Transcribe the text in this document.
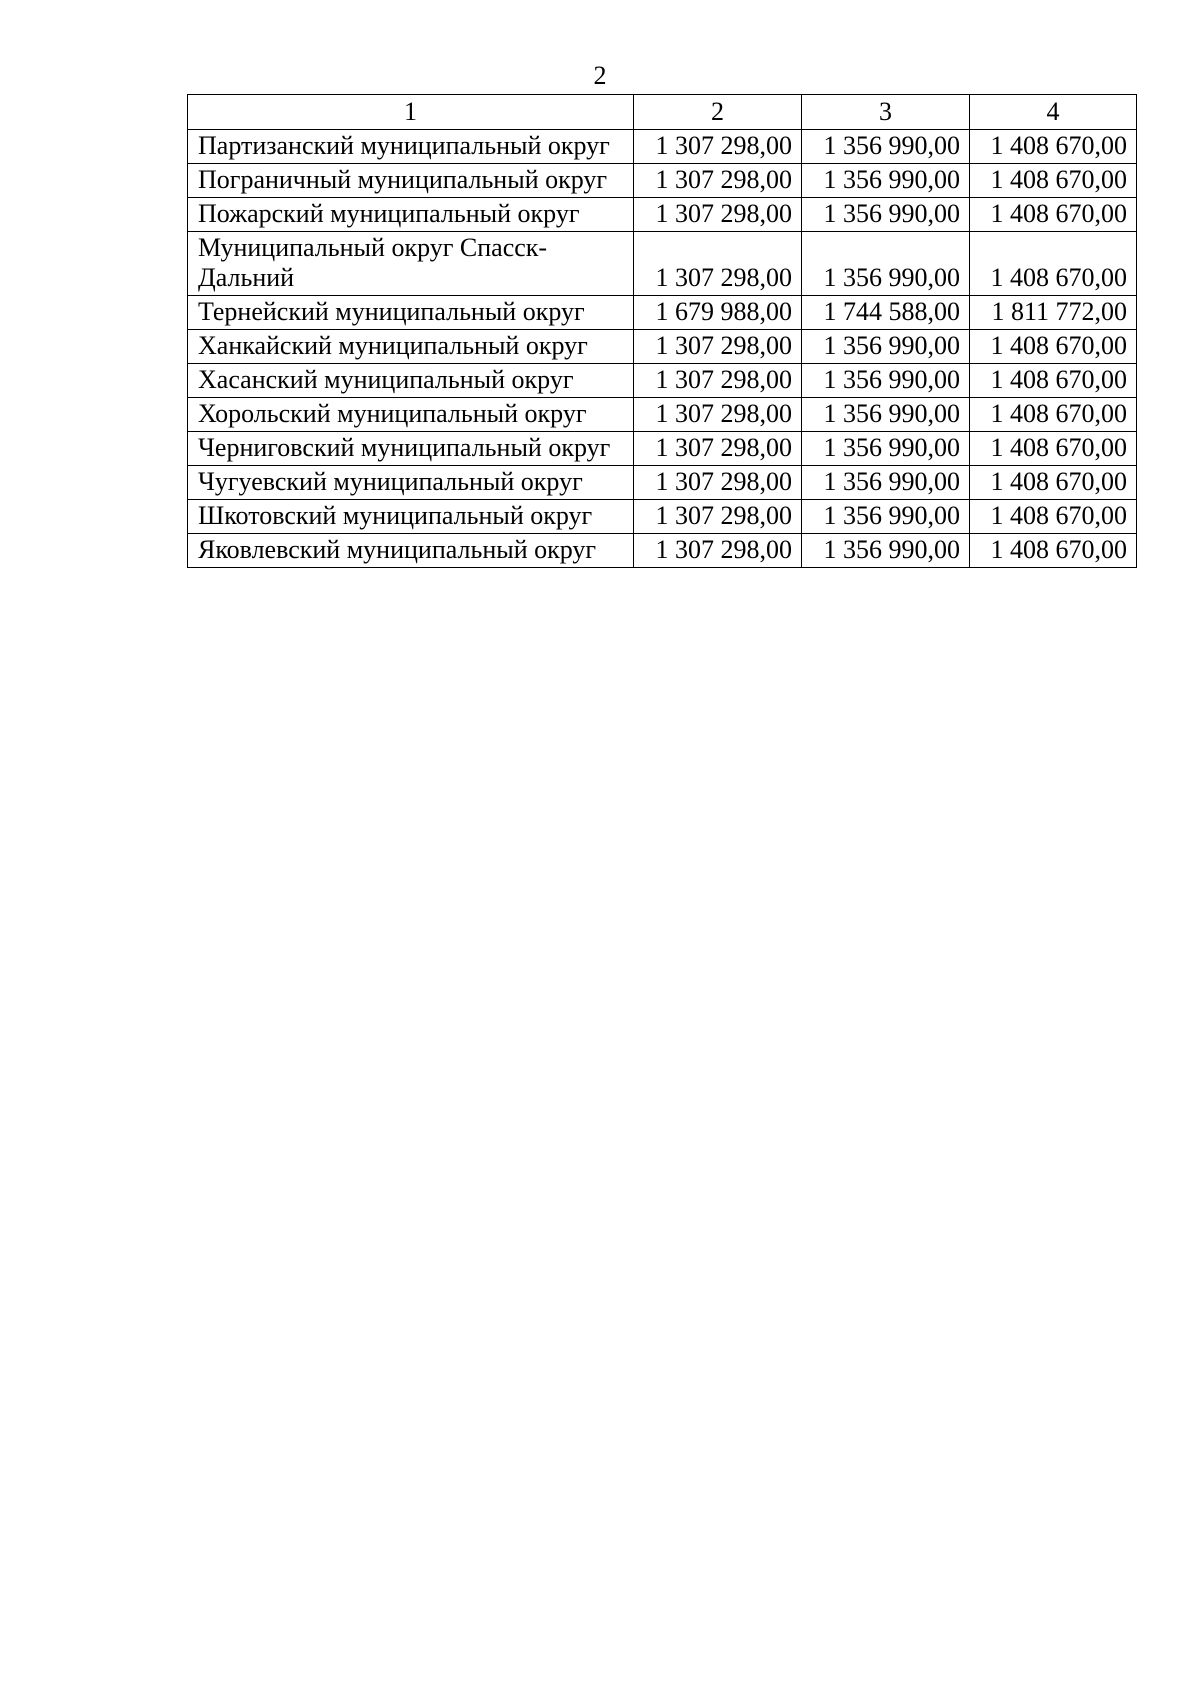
2
1	2	3	4
Партизанский муниципальный округ	1 307 298,00	1 356 990,00	1 408 670,00
Пограничный муниципальный округ	1 307 298,00	1 356 990,00	1 408 670,00
Пожарский муниципальный округ	1 307 298,00	1 356 990,00	1 408 670,00
Муниципальный округ Спасск-Дальний	1 307 298,00	1 356 990,00	1 408 670,00
Тернейский муниципальный округ	1 679 988,00	1 744 588,00	1 811 772,00
Ханкайский муниципальный округ	1 307 298,00	1 356 990,00	1 408 670,00
Хасанский муниципальный округ	1 307 298,00	1 356 990,00	1 408 670,00
Хорольский муниципальный округ	1 307 298,00	1 356 990,00	1 408 670,00
Черниговский муниципальный округ	1 307 298,00	1 356 990,00	1 408 670,00
Чугуевский муниципальный округ	1 307 298,00	1 356 990,00	1 408 670,00
Шкотовский муниципальный округ	1 307 298,00	1 356 990,00	1 408 670,00
Яковлевский муниципальный округ	1 307 298,00	1 356 990,00	1 408 670,00
